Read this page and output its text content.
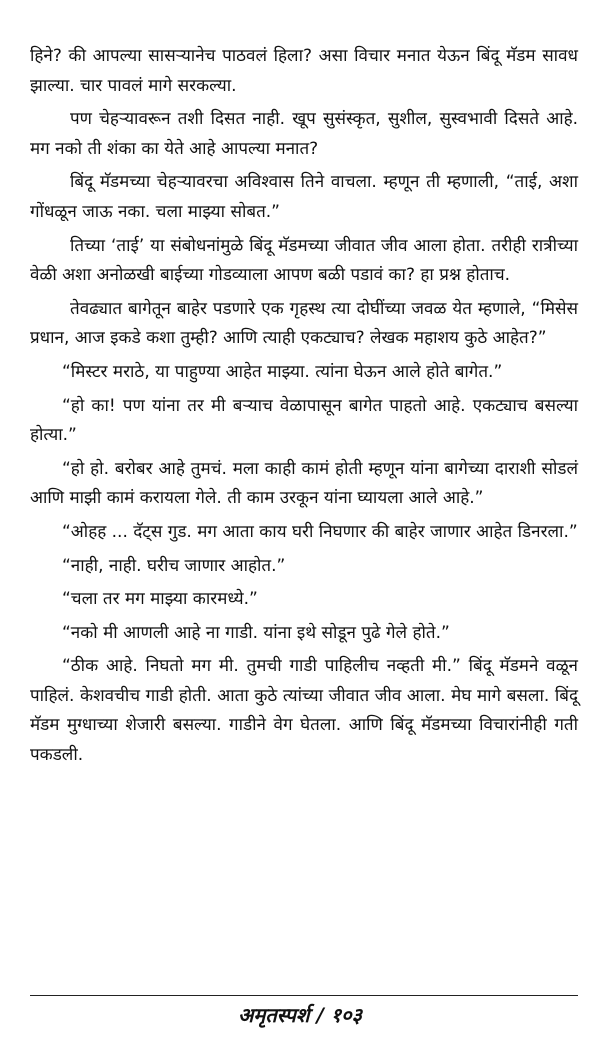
हिने? की आपल्या सासऱ्यानेच पाठवलं हिला? असा विचार मनात येऊन बिंदू मॅडम सावध झाल्या. चार पावलं मागे सरकल्या.

पण चेहऱ्यावरून तशी दिसत नाही. खूप सुसंस्कृत, सुशील, सुस्वभावी दिसते आहे. मग नको ती शंका का येते आहे आपल्या मनात?

बिंदू मॅडमच्या चेहऱ्यावरचा अविश्वास तिने वाचला. म्हणून ती म्हणाली, “ताई, अशा गोंधळून जाऊ नका. चला माझ्या सोबत.”

तिच्या ‘ताई’ या संबोधनांमुळे बिंदू मॅडमच्या जीवात जीव आला होता. तरीही रात्रीच्या वेळी अशा अनोळखी बाईच्या गोडव्याला आपण बळी पडावं का? हा प्रश्न होताच.

तेवढ्यात बागेतून बाहेर पडणारे एक गृहस्थ त्या दोघींच्या जवळ येत म्हणाले, “मिसेस प्रधान, आज इकडे कशा तुम्ही? आणि त्याही एकट्याच? लेखक महाशय कुठे आहेत?”

“मिस्टर मराठे, या पाहुण्या आहेत माझ्या. त्यांना घेऊन आले होते बागेत.”

“हो का! पण यांना तर मी बऱ्याच वेळापासून बागेत पाहतो आहे. एकट्याच बसल्या होत्या.”

“हो हो. बरोबर आहे तुमचं. मला काही कामं होती म्हणून यांना बागेच्या दाराशी सोडलं आणि माझी कामं करायला गेले. ती काम उरकून यांना घ्यायला आले आहे.”

“ओहह ... दॅट्स गुड. मग आता काय घरी निघणार की बाहेर जाणार आहेत डिनरला.”

“नाही, नाही. घरीच जाणार आहोत.”

“चला तर मग माझ्या कारमध्ये.”

“नको मी आणली आहे ना गाडी. यांना इथे सोडून पुढे गेले होते.”

“ठीक आहे. निघतो मग मी. तुमची गाडी पाहिलीच नव्हती मी.” बिंदू मॅडमने वळून पाहिलं. केशवचीच गाडी होती. आता कुठे त्यांच्या जीवात जीव आला. मेघ मागे बसला. बिंदू मॅडम मुग्धाच्या शेजारी बसल्या. गाडीने वेग घेतला. आणि बिंदू मॅडमच्या विचारांनीही गती पकडली.

अमृतस्पर्श / १०३
